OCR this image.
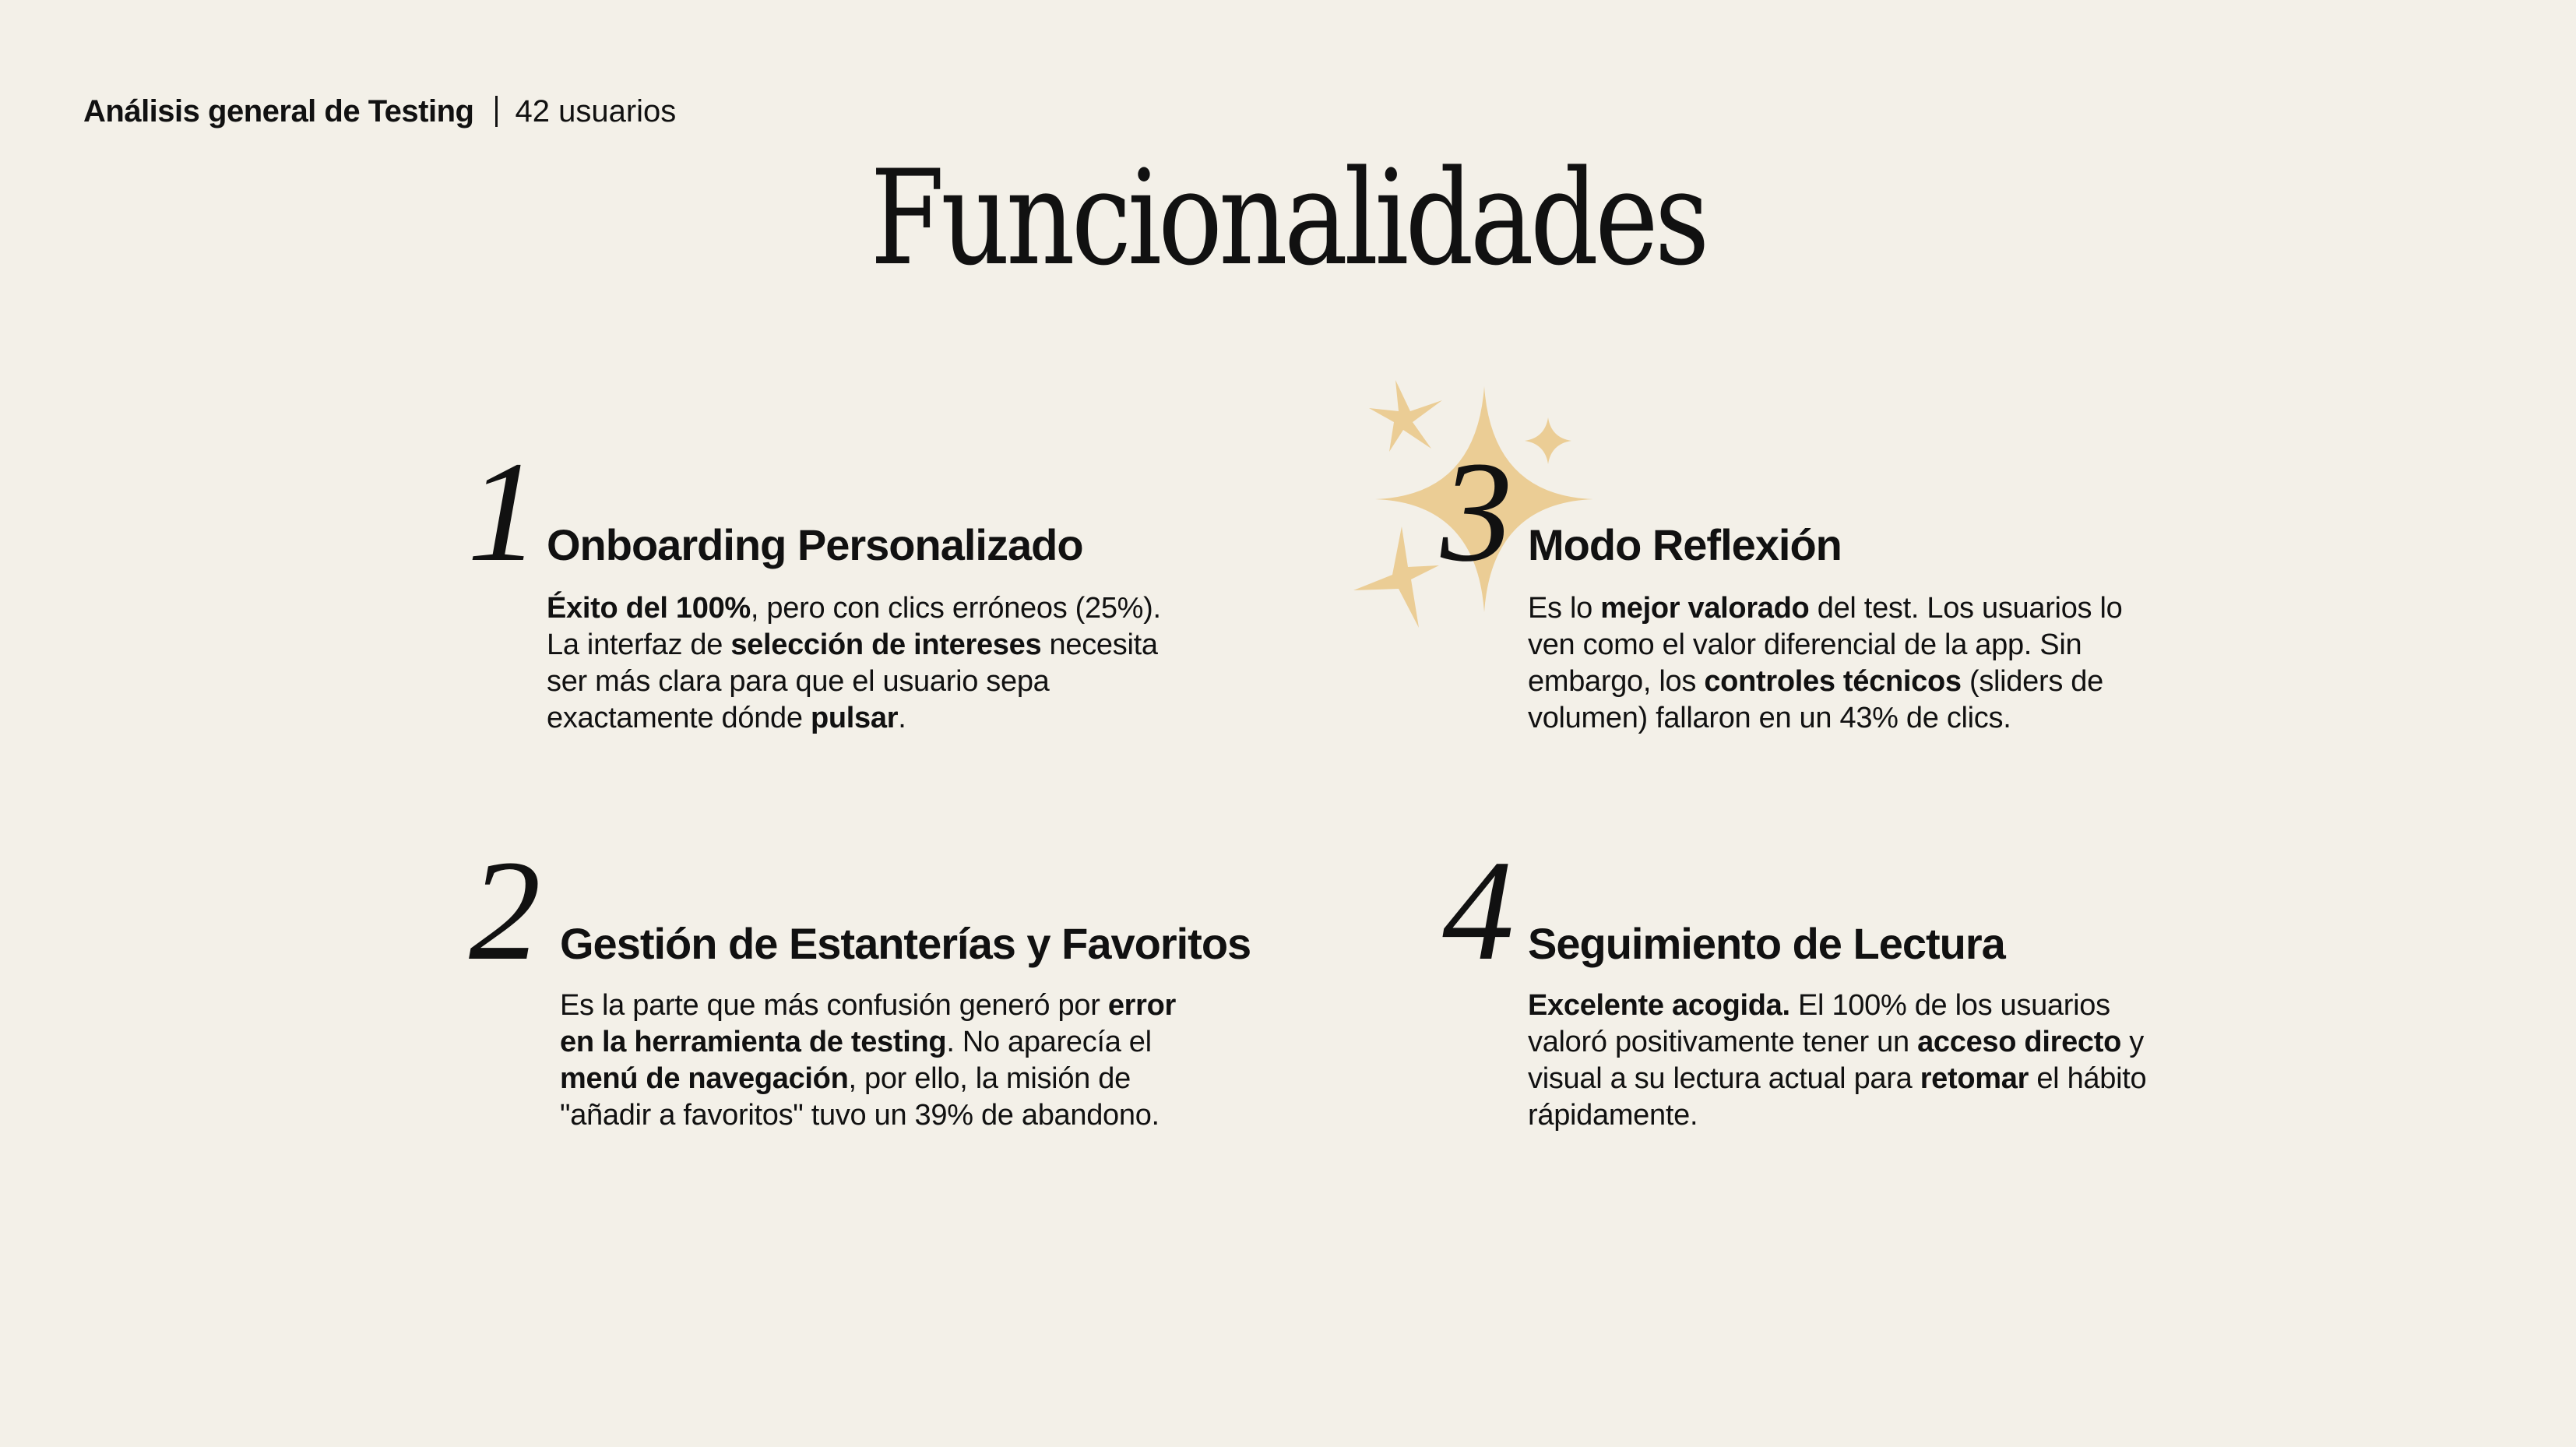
Análisis general de Testing 42 usuarios
Funcionalidades
1 Onboarding Personalizado
Éxito del 100%, pero con clics erróneos (25%). La interfaz de selección de intereses necesita ser más clara para que el usuario sepa exactamente dónde pulsar.
2 Gestión de Estanterías y Favoritos
Es la parte que más confusión generó por error en la herramienta de testing. No aparecía el menú de navegación, por ello, la misión de "añadir a favoritos" tuvo un 39% de abandono.
3 Modo Reflexión
Es lo mejor valorado del test. Los usuarios lo ven como el valor diferencial de la app. Sin embargo, los controles técnicos (sliders de volumen) fallaron en un 43% de clics.
4 Seguimiento de Lectura
Excelente acogida. El 100% de los usuarios valoró positivamente tener un acceso directo y visual a su lectura actual para retomar el hábito rápidamente.
